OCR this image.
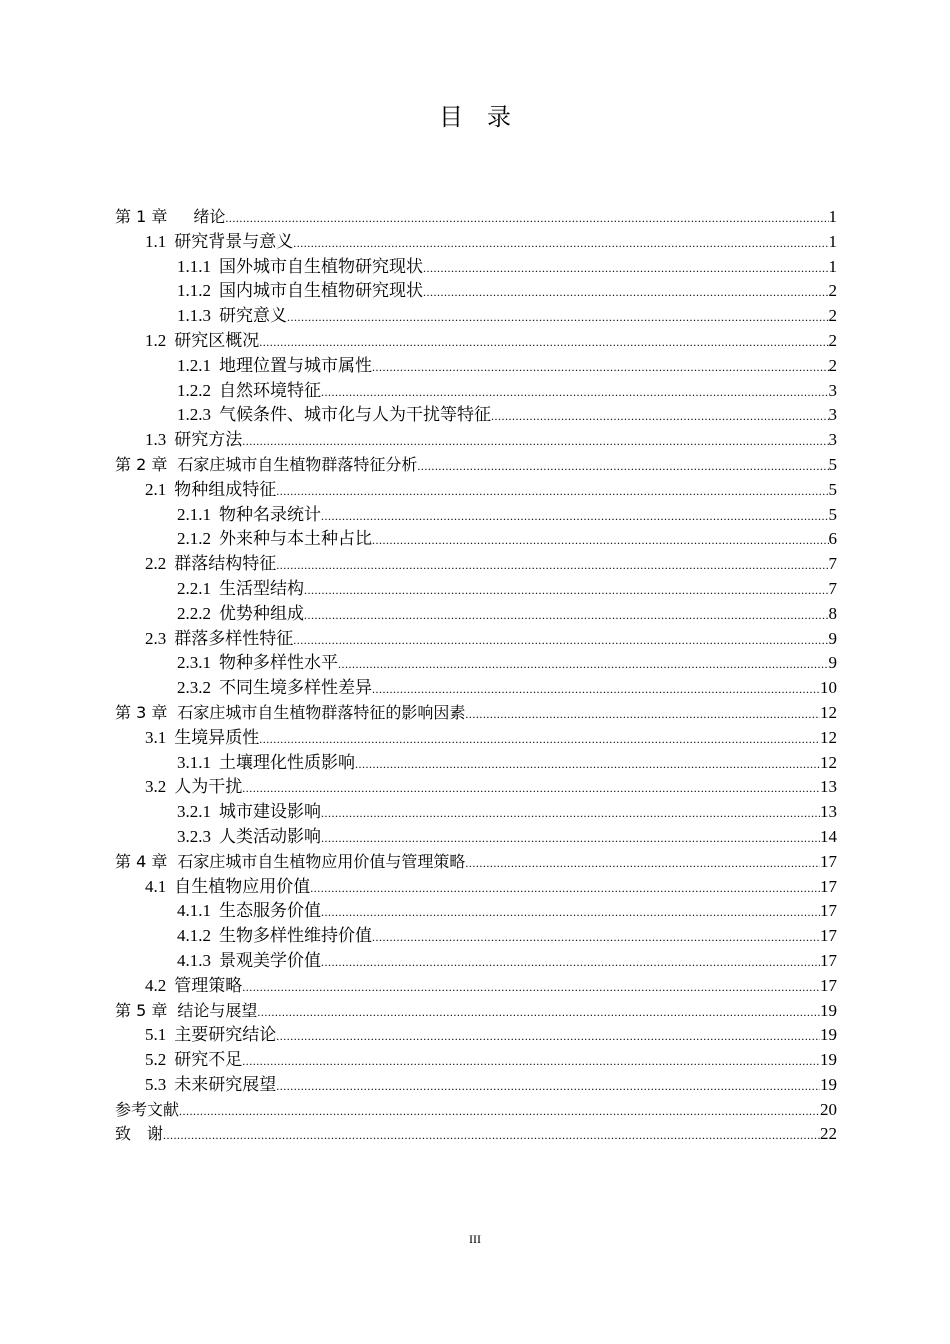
目　录
第 1 章　绪论 .....	1
1.1 研究背景与意义 .....	1
1.1.1 国外城市自生植物研究现状 .....	1
1.1.2 国内城市自生植物研究现状 .....	2
1.1.3 研究意义 .....	2
1.2 研究区概况 .....	2
1.2.1 地理位置与城市属性 .....	2
1.2.2 自然环境特征 .....	3
1.2.3 气候条件、城市化与人为干扰等特征 .....	3
1.3 研究方法 .....	3
第 2 章 石家庄城市自生植物群落特征分析 .....	5
2.1 物种组成特征 .....	5
2.1.1 物种名录统计 .....	5
2.1.2 外来种与本土种占比 .....	6
2.2 群落结构特征 .....	7
2.2.1 生活型结构 .....	7
2.2.2 优势种组成 .....	8
2.3 群落多样性特征 .....	9
2.3.1 物种多样性水平 .....	9
2.3.2 不同生境多样性差异 .....	10
第 3 章 石家庄城市自生植物群落特征的影响因素 .....	12
3.1 生境异质性 .....	12
3.1.1 土壤理化性质影响 .....	12
3.2 人为干扰 .....	13
3.2.1 城市建设影响 .....	13
3.2.3 人类活动影响 .....	14
第 4 章 石家庄城市自生植物应用价值与管理策略 .....	17
4.1 自生植物应用价值 .....	17
4.1.1 生态服务价值 .....	17
4.1.2 生物多样性维持价值 .....	17
4.1.3 景观美学价值 .....	17
4.2 管理策略 .....	17
第 5 章 结论与展望 .....	19
5.1 主要研究结论 .....	19
5.2 研究不足 .....	19
5.3 未来研究展望 .....	19
参考文献 .....	20
致　谢 .....	22
III
